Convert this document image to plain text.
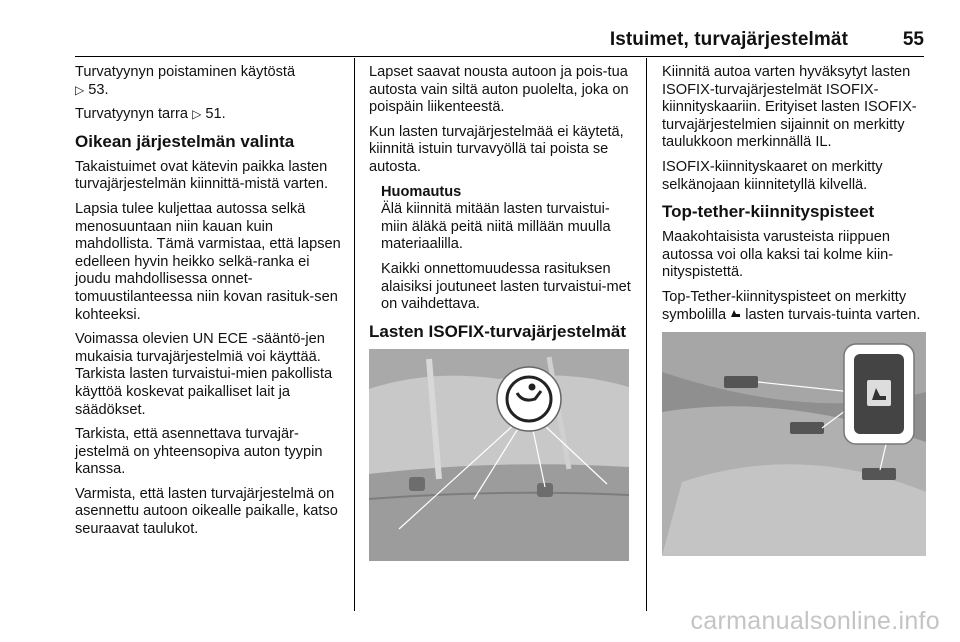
Istuimet, turvajärjestelmät	55

Turvatyynyn poistaminen käytöstä
▷ 53.

Turvatyynyn tarra ▷ 51.

Oikean järjestelmän valinta

Takaistuimet ovat kätevin paikka lasten turvajärjestelmän kiinnittä-mistä varten.

Lapsia tulee kuljettaa autossa selkä menosuuntaan niin kauan kuin mahdollista. Tämä varmistaa, että lapsen edelleen hyvin heikko selkä-ranka ei joudu mahdollisessa onnet-tomuustilanteessa niin kovan rasituk-sen kohteeksi.

Voimassa olevien UN ECE -sääntö-jen mukaisia turvajärjestelmiä voi käyttää. Tarkista lasten turvaistui-mien pakollista käyttöä koskevat paikalliset lait ja säädökset.

Tarkista, että asennettava turvajär-jestelmä on yhteensopiva auton tyypin kanssa.

Varmista, että lasten turvajärjestelmä on asennettu autoon oikealle paikalle, katso seuraavat taulukot.

Lapset saavat nousta autoon ja pois-tua autosta vain siltä auton puolelta, joka on poispäin liikenteestä.

Kun lasten turvajärjestelmää ei käytetä, kiinnitä istuin turvavyöllä tai poista se autosta.

Huomautus

Älä kiinnitä mitään lasten turvaistui-miin äläkä peitä niitä millään muulla materiaalilla.

Kaikki onnettomuudessa rasituksen alaisiksi joutuneet lasten turvaistui-met on vaihdettava.

Lasten ISOFIX-turvajärjestelmät

Kiinnitä autoa varten hyväksytyt lasten ISOFIX-turvajärjestelmät ISOFIX-kiinnityskaariin. Erityiset lasten ISOFIX-turvajärjestelmien sijainnit on merkitty taulukkoon merkinnällä IL.

ISOFIX-kiinnityskaaret on merkitty selkänojaan kiinnitetyllä kilvellä.

Top-tether-kiinnityspisteet

Maakohtaisista varusteista riippuen autossa voi olla kaksi tai kolme kiin-nityspistettä.

Top-Tether-kiinnityspisteet on merkitty symbolilla lasten turvais-tuinta varten.

carmanualsonline.info
